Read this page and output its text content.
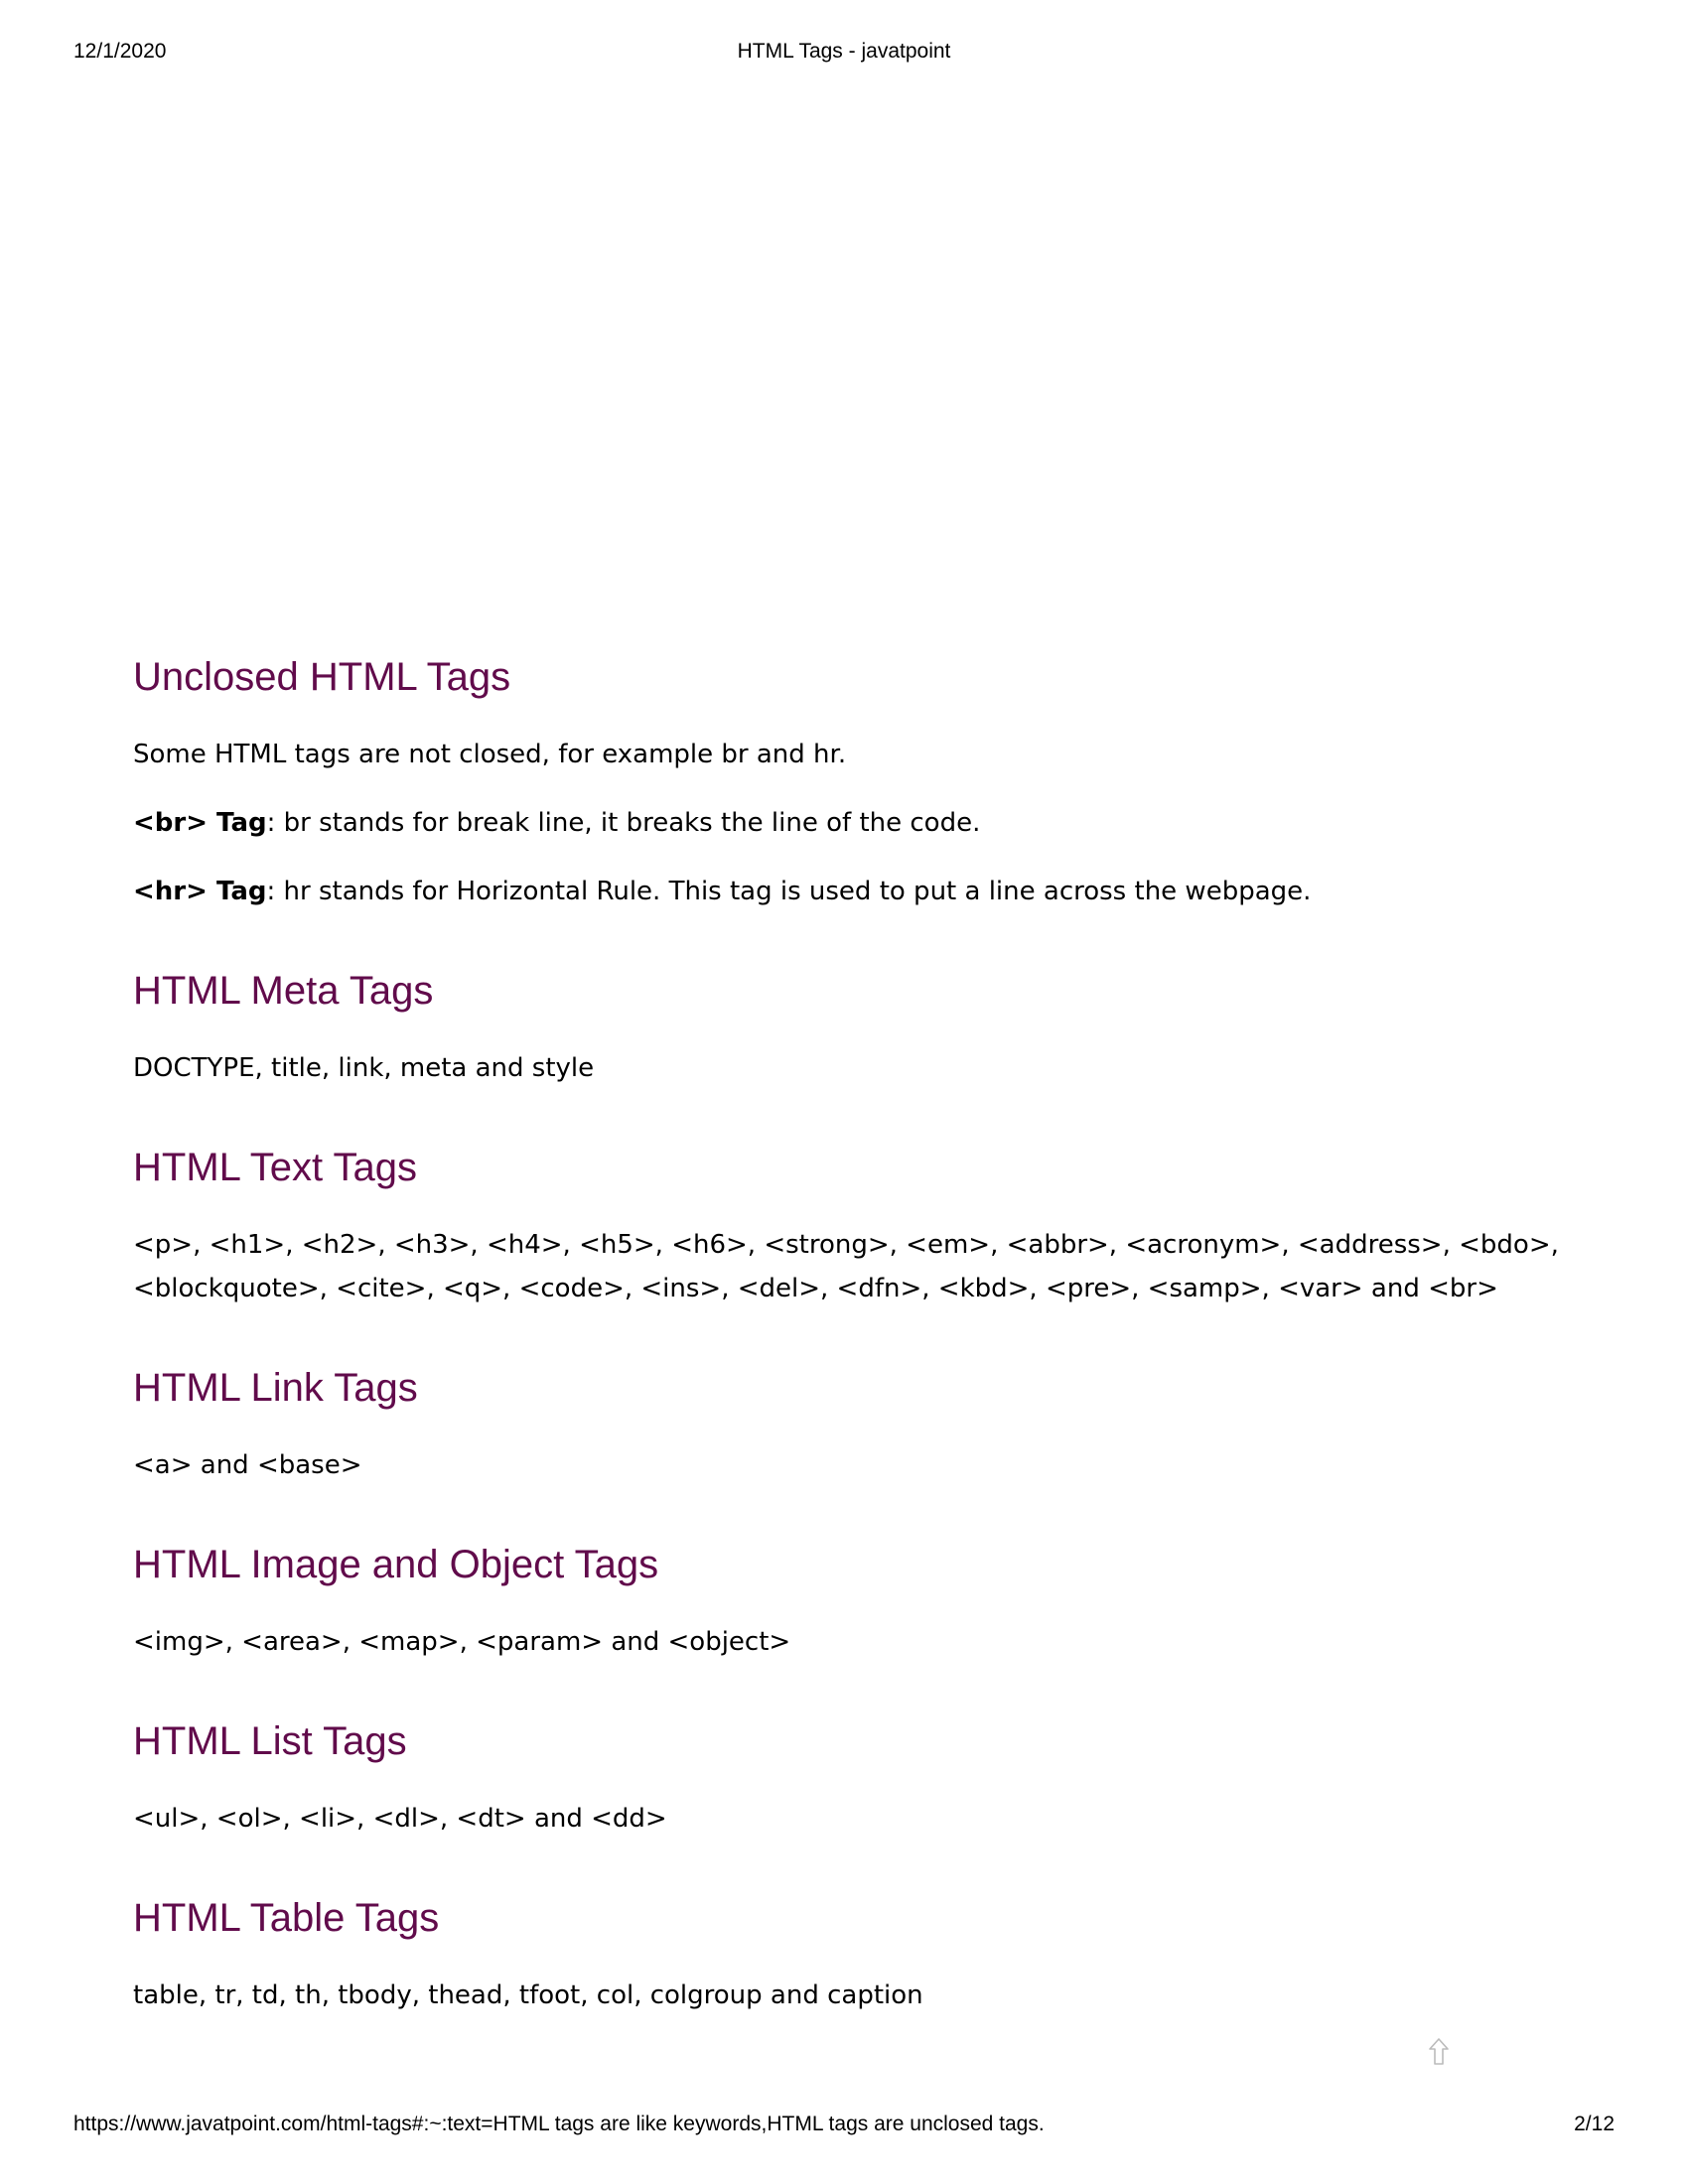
12/1/2020	HTML Tags - javatpoint
Unclosed HTML Tags

Some HTML tags are not closed, for example br and hr.

<br> Tag: br stands for break line, it breaks the line of the code.

<hr> Tag: hr stands for Horizontal Rule. This tag is used to put a line across the webpage.

HTML Meta Tags

DOCTYPE, title, link, meta and style

HTML Text Tags

<p>, <h1>, <h2>, <h3>, <h4>, <h5>, <h6>, <strong>, <em>, <abbr>, <acronym>, <address>, <bdo>, <blockquote>, <cite>, <q>, <code>, <ins>, <del>, <dfn>, <kbd>, <pre>, <samp>, <var> and <br>

HTML Link Tags

<a> and <base>

HTML Image and Object Tags

<img>, <area>, <map>, <param> and <object>

HTML List Tags

<ul>, <ol>, <li>, <dl>, <dt> and <dd>

HTML Table Tags

table, tr, td, th, tbody, thead, tfoot, col, colgroup and caption

https://www.javatpoint.com/html-tags#:~:text=HTML tags are like keywords,HTML tags are unclosed tags.	2/12
